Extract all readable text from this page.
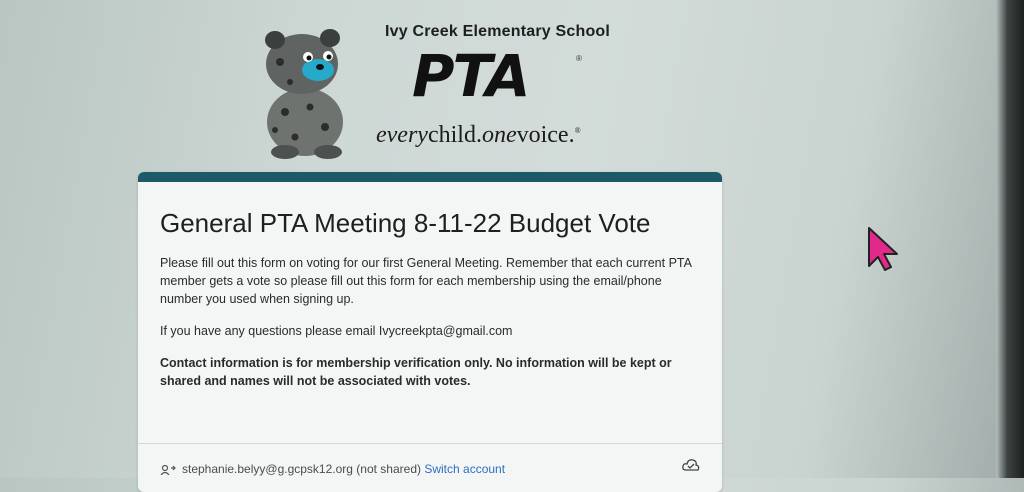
Ivy Creek Elementary School
PTA	®
everychild.onevoice.®
General PTA Meeting 8-11-22 Budget Vote

Please fill out this form on voting for our first General Meeting. Remember that each current PTA member gets a vote so please fill out this form for each membership using the email/phone number you used when signing up.

If you have any questions please email Ivycreekpta@gmail.com

Contact information is for membership verification only. No information will be kept or shared and names will not be associated with votes.

stephanie.belyy@g.gcpsk12.org (not shared) Switch account
